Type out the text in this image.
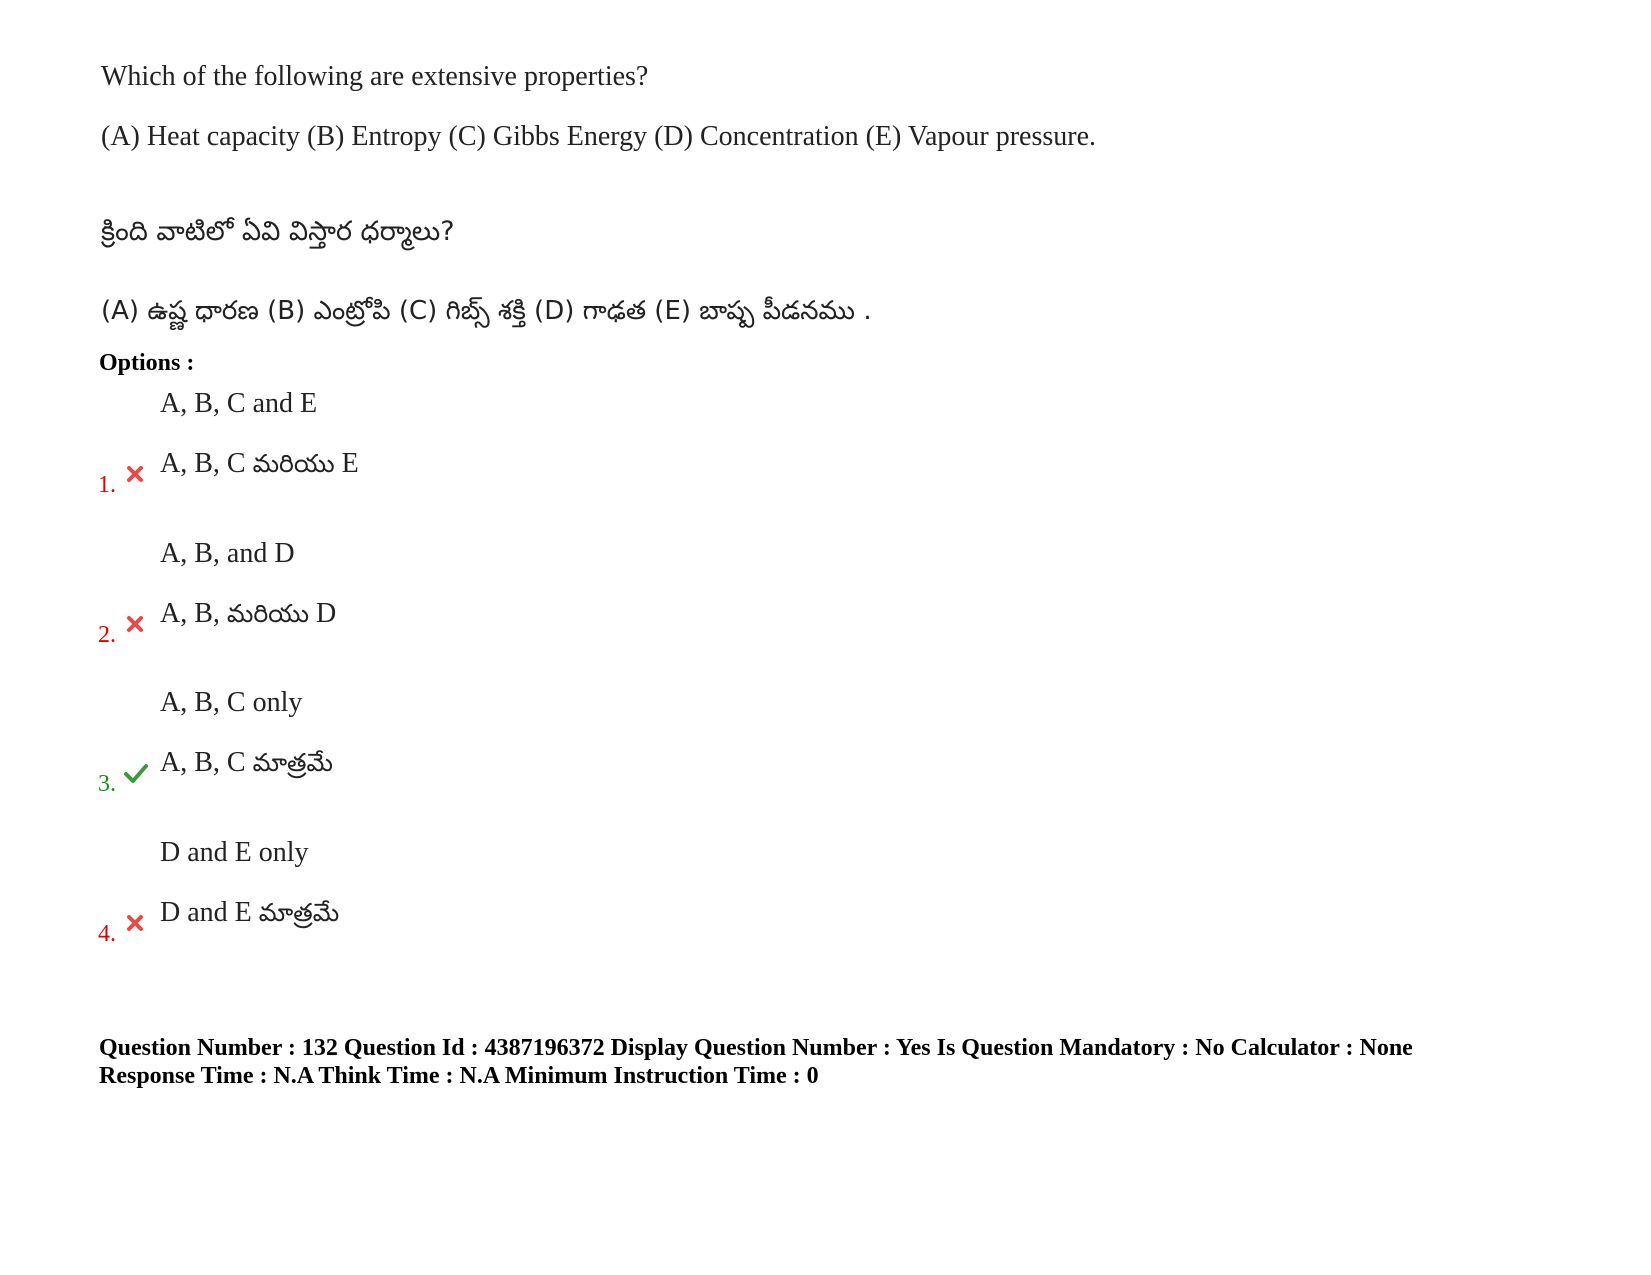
Which of the following are extensive properties?
(A) Heat capacity (B) Entropy (C) Gibbs Energy (D) Concentration (E) Vapour pressure.
క్రింది వాటిలో ఏవి విస్తార ధర్మాలు?
(A) ఉష్ణ ధారణ (B) ఎంట్రోపి (C) గిబ్స్ శక్తి (D) గాఢత (E) బాష్ప పీడనము .
Options :
A, B, C and E
A, B, C మరియు E
1.
A, B, and D
A, B, మరియు D
2.
A, B, C only
A, B, C మాత్రమే
3.
D and E only
D and E మాత్రమే
4.
Question Number : 132 Question Id : 4387196372 Display Question Number : Yes Is Question Mandatory : No Calculator : None
Response Time : N.A Think Time : N.A Minimum Instruction Time : 0
